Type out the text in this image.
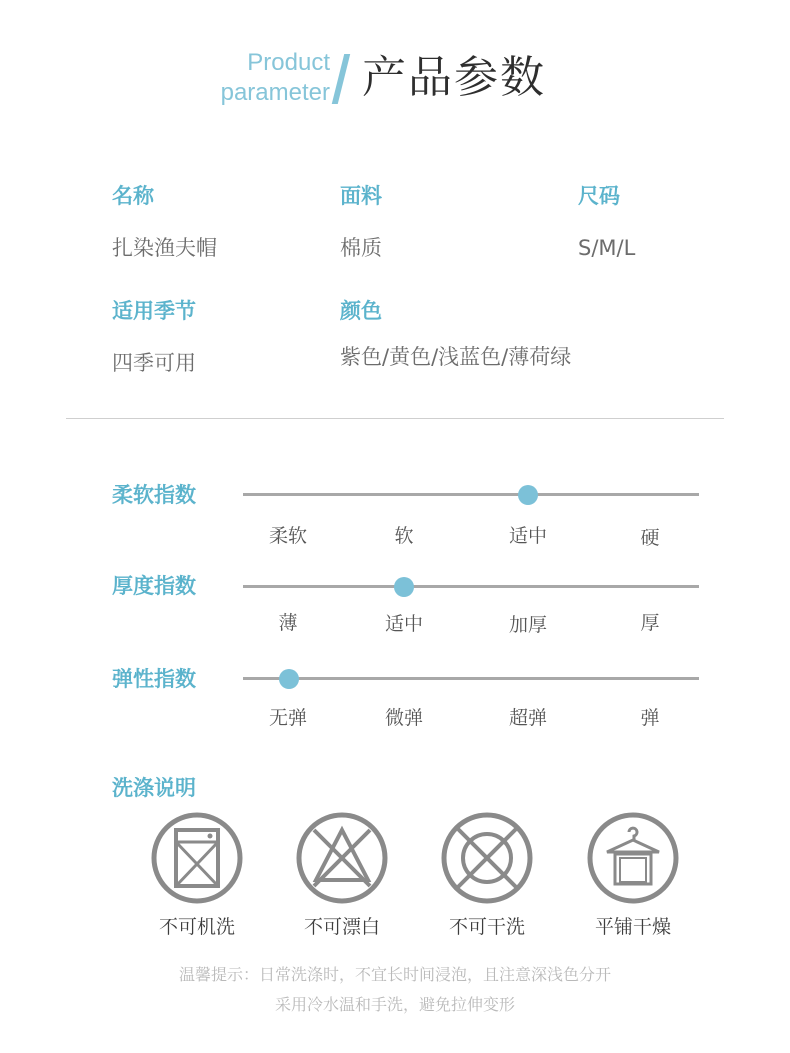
Product
parameter 产品参数
名称
扎染渔夫帽
面料
棉质
尺码
S/M/L
适用季节
四季可用
颜色
紫色/黄色/浅蓝色/薄荷绿
柔软指数
柔软	软	适中	硬
厚度指数
薄	适中	加厚	厚
弹性指数
无弹	微弹	超弹	弹
洗涤说明
不可机洗	不可漂白	不可干洗	平铺干燥
温馨提示：日常洗涤时，不宜长时间浸泡，且注意深浅色分开
采用冷水温和手洗，避免拉伸变形
